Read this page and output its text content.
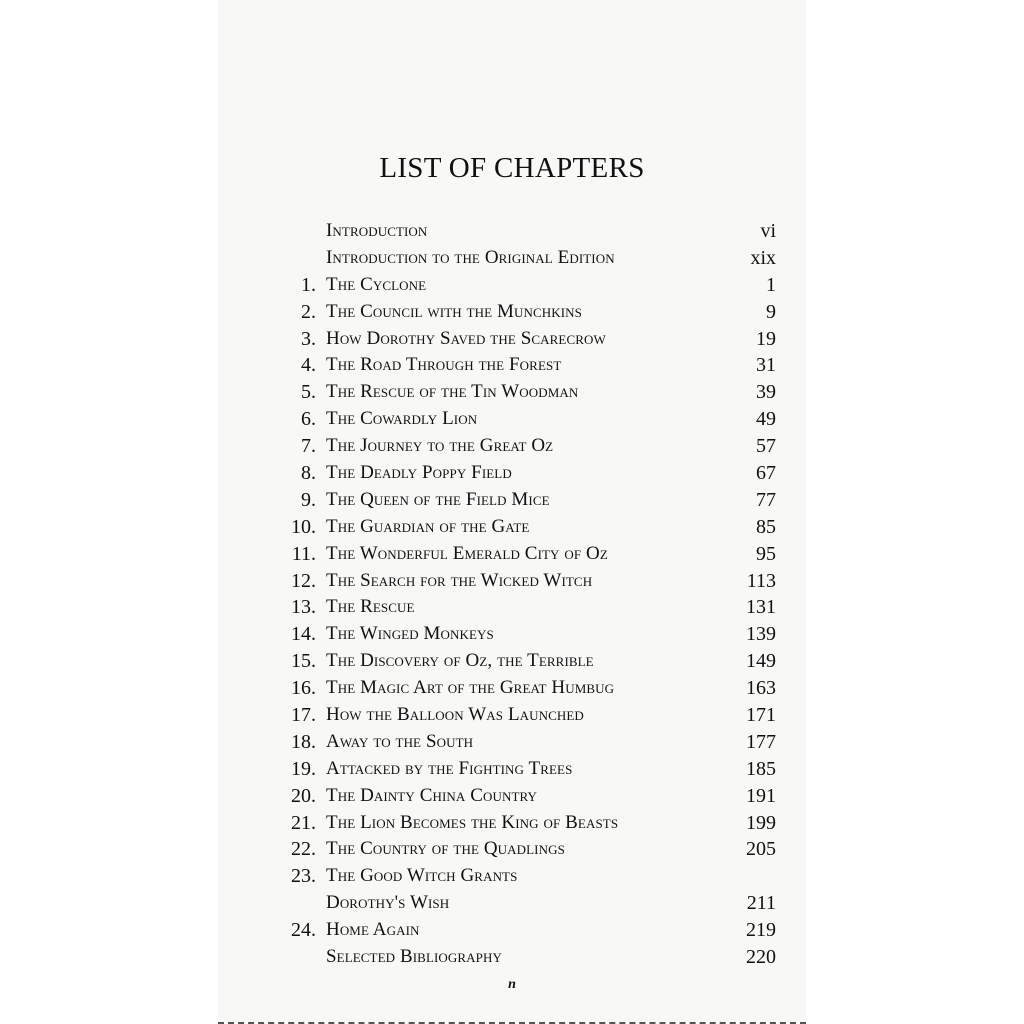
LIST OF CHAPTERS
Introduction	vi
Introduction to the Original Edition	xix
1. The Cyclone	1
2. The Council with the Munchkins	9
3. How Dorothy Saved the Scarecrow	19
4. The Road Through the Forest	31
5. The Rescue of the Tin Woodman	39
6. The Cowardly Lion	49
7. The Journey to the Great Oz	57
8. The Deadly Poppy Field	67
9. The Queen of the Field Mice	77
10. The Guardian of the Gate	85
11. The Wonderful Emerald City of Oz	95
12. The Search for the Wicked Witch	113
13. The Rescue	131
14. The Winged Monkeys	139
15. The Discovery of Oz, the Terrible	149
16. The Magic Art of the Great Humbug	163
17. How the Balloon Was Launched	171
18. Away to the South	177
19. Attacked by the Fighting Trees	185
20. The Dainty China Country	191
21. The Lion Becomes the King of Beasts	199
22. The Country of the Quadlings	205
23. The Good Witch Grants
Dorothy's Wish	211
24. Home Again	219
Selected Bibliography	220
n
